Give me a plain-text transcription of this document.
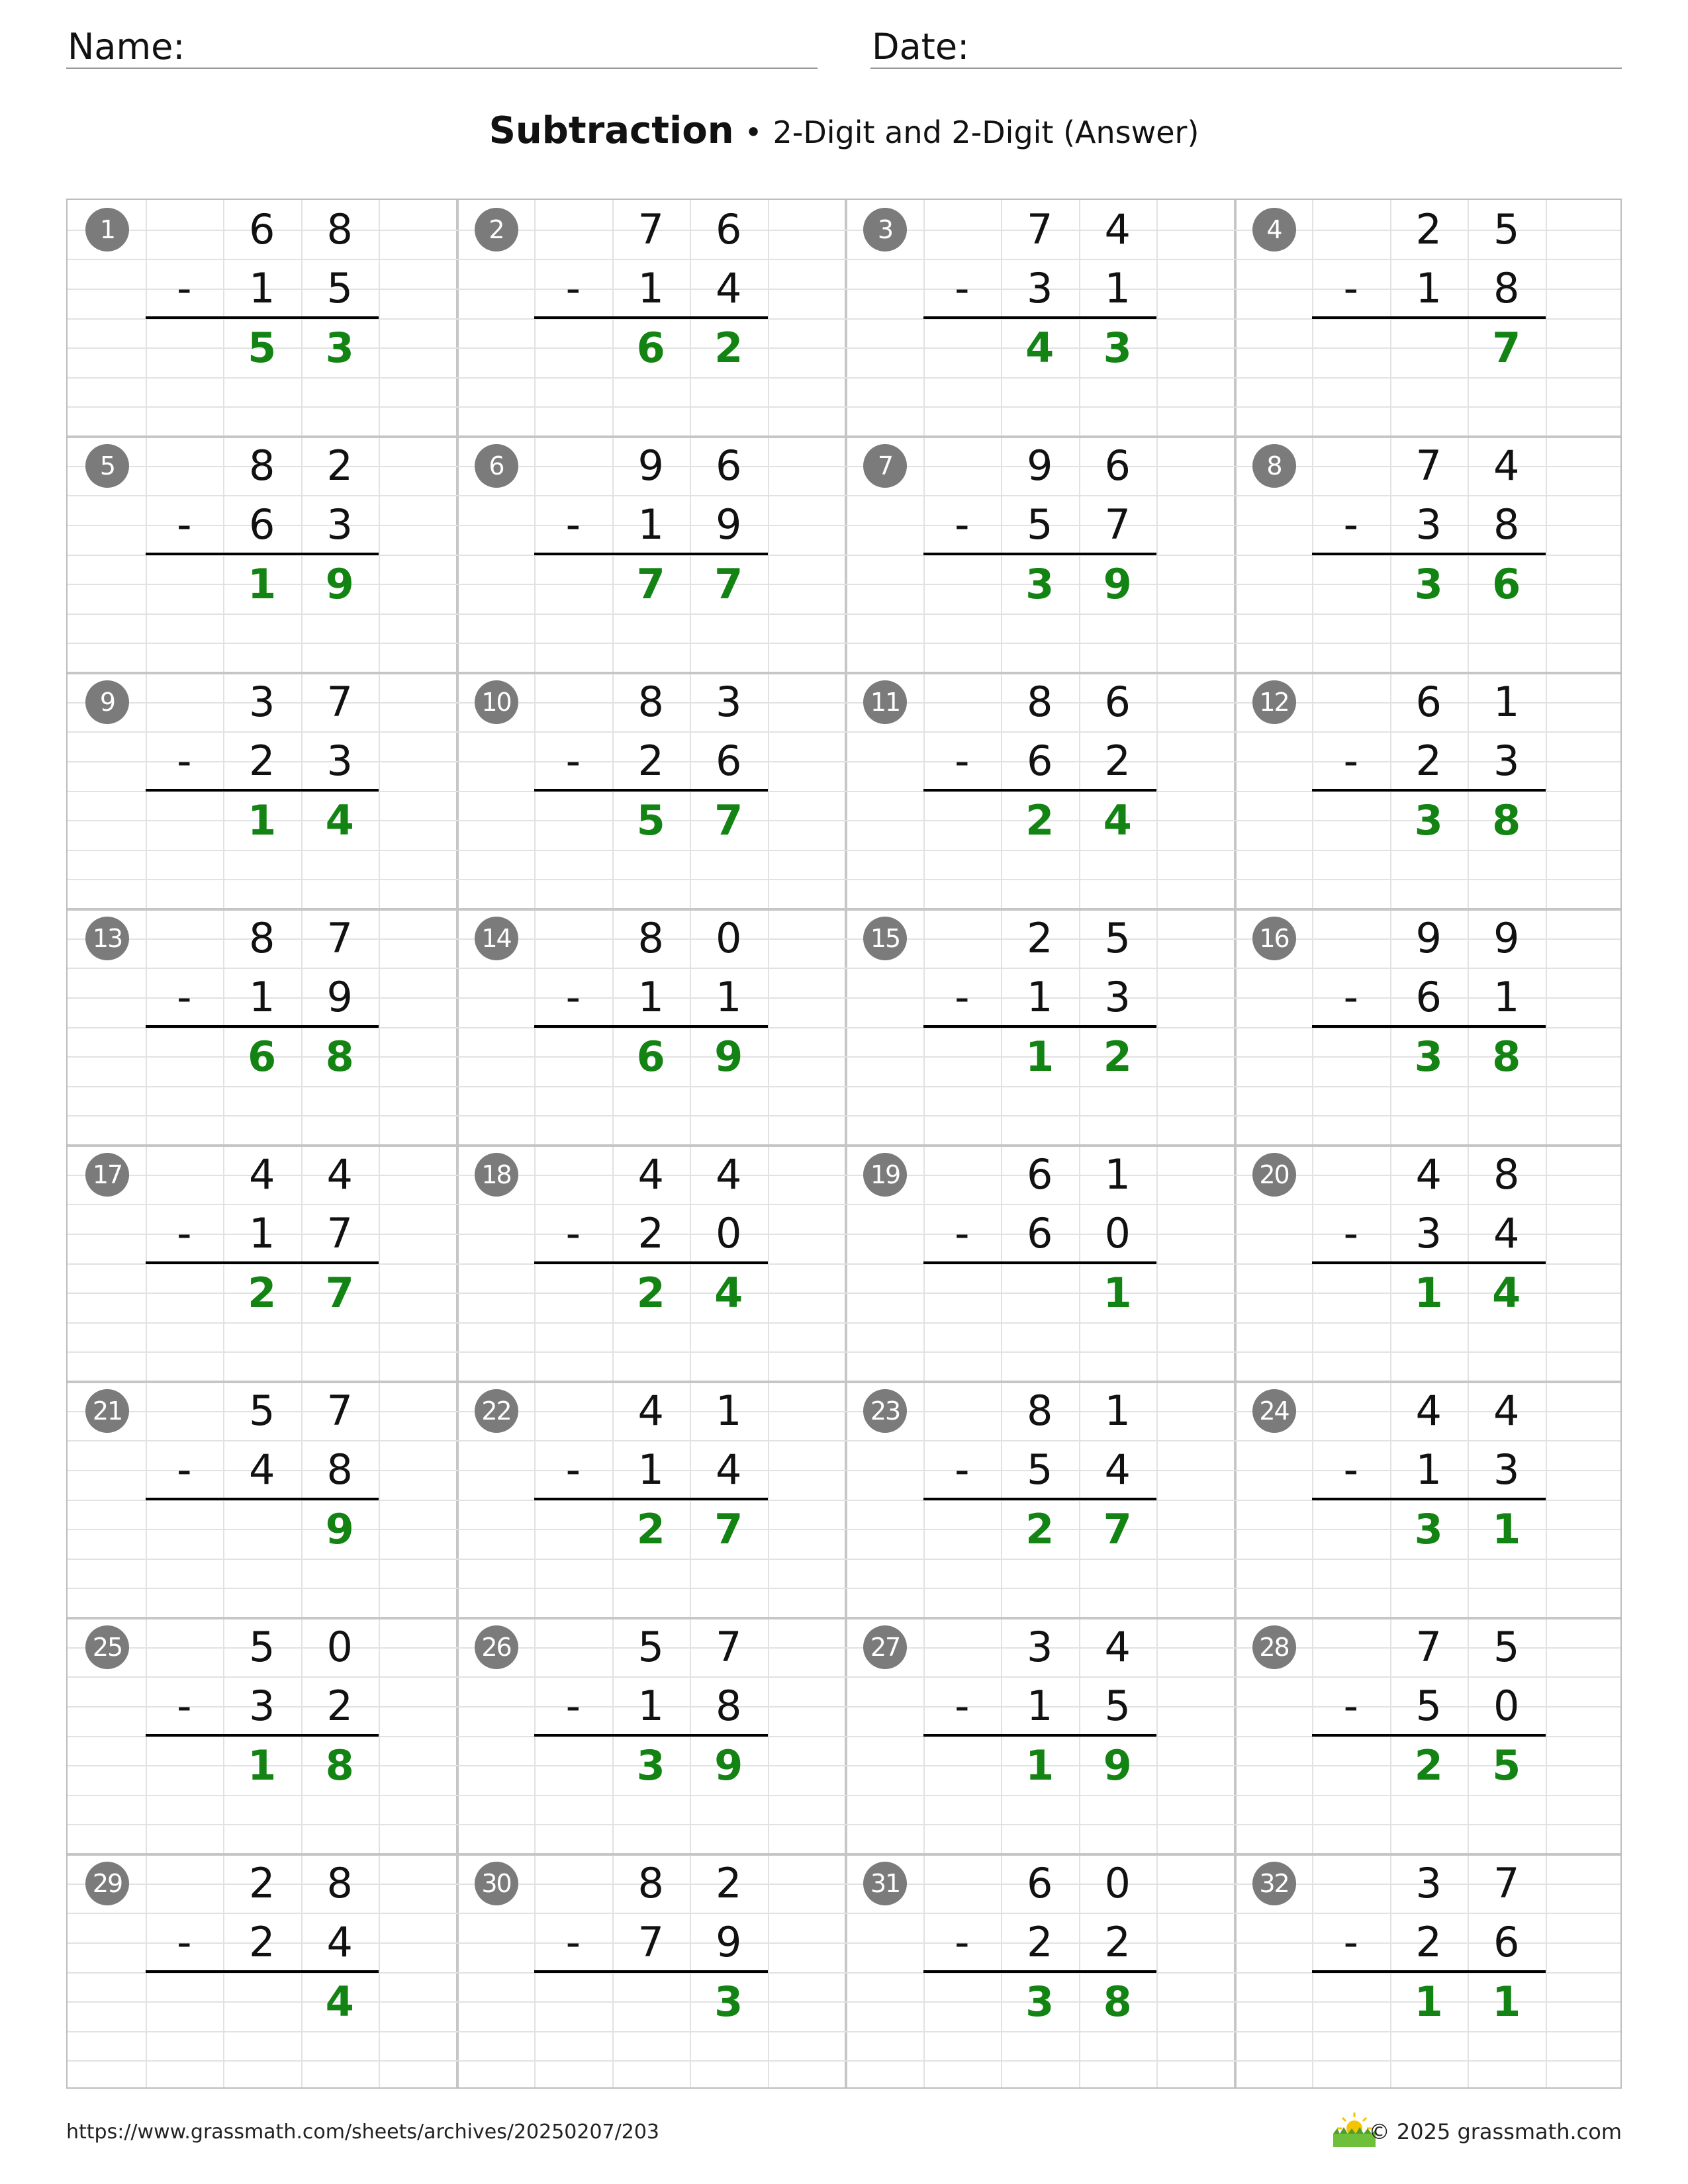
Name:	Date:
Subtraction • 2-Digit and 2-Digit (Answer)
1	6	8
-	1	5
5	3
2	7	6
-	1	4
6	2
3	7	4
-	3	1
4	3
4	2	5
-	1	8
7
5	8	2
-	6	3
1	9
6	9	6
-	1	9
7	7
7	9	6
-	5	7
3	9
8	7	4
-	3	8
3	6
9	3	7
-	2	3
1	4
10	8	3
-	2	6
5	7
11	8	6
-	6	2
2	4
12	6	1
-	2	3
3	8
13	8	7
-	1	9
6	8
14	8	0
-	1	1
6	9
15	2	5
-	1	3
1	2
16	9	9
-	6	1
3	8
17	4	4
-	1	7
2	7
18	4	4
-	2	0
2	4
19	6	1
-	6	0
1
20	4	8
-	3	4
1	4
21	5	7
-	4	8
9
22	4	1
-	1	4
2	7
23	8	1
-	5	4
2	7
24	4	4
-	1	3
3	1
25	5	0
-	3	2
1	8
26	5	7
-	1	8
3	9
27	3	4
-	1	5
1	9
28	7	5
-	5	0
2	5
29	2	8
-	2	4
4
30	8	2
-	7	9
3
31	6	0
-	2	2
3	8
32	3	7
-	2	6
1	1
https://www.grassmath.com/sheets/archives/20250207/203	© 2025 grassmath.com
